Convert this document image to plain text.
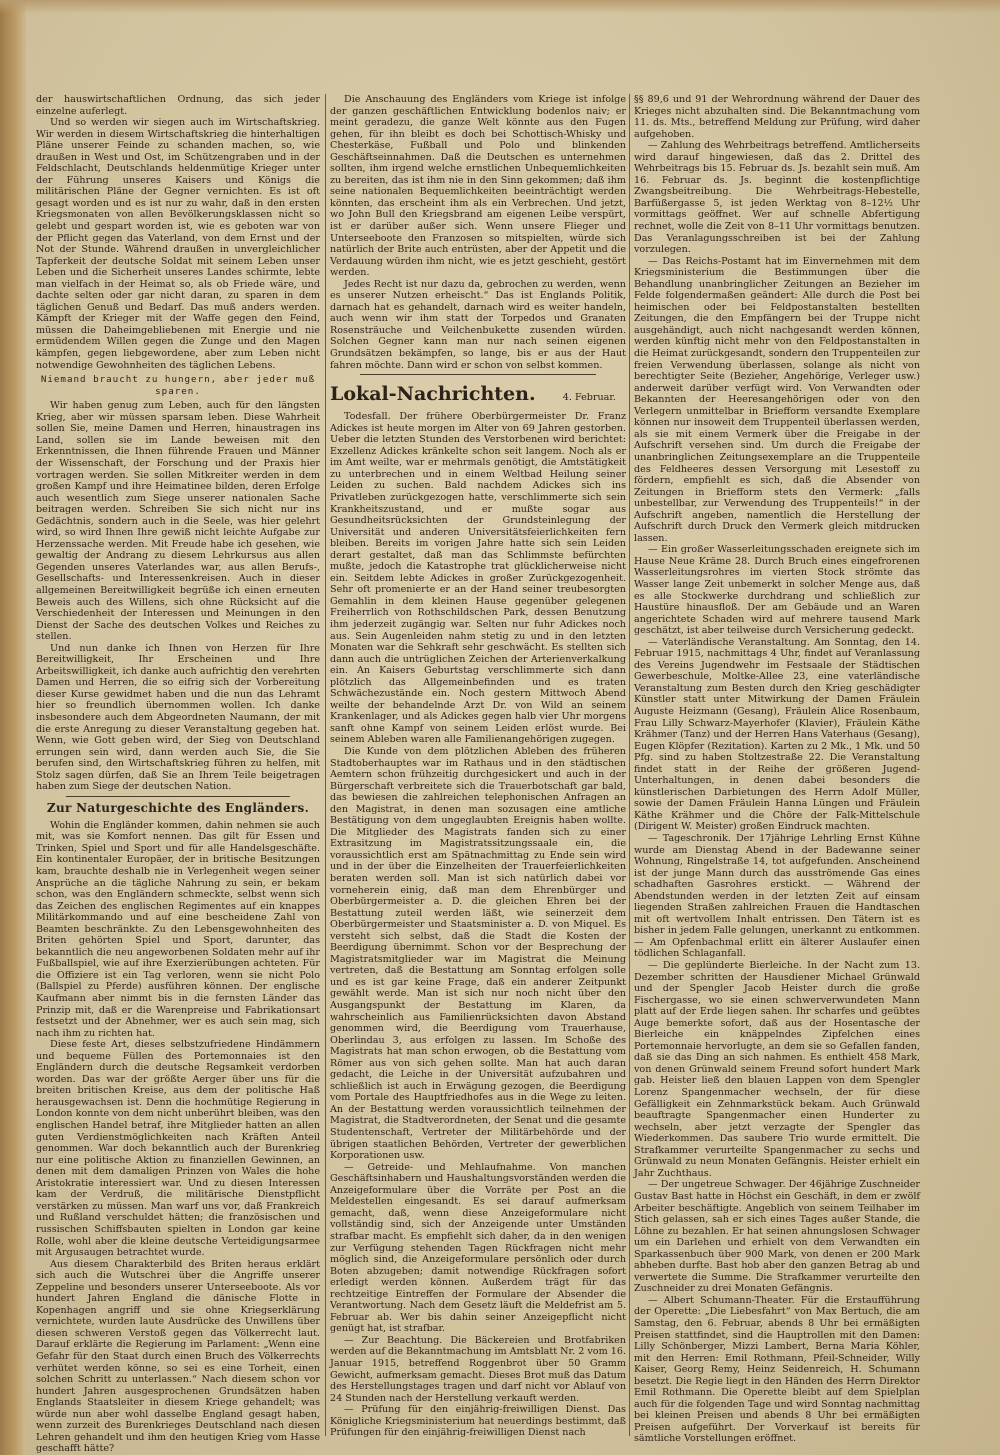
der hauswirtschaftlichen Ordnung, das sich jeder einzelne auferlegt.

Und so werden wir siegen auch im Wirtschaftskrieg. Wir werden in diesem Wirtschaftskrieg die hinterhaltigen Pläne unserer Feinde zu schanden machen, so, wie draußen in West und Ost, im Schützengraben und in der Feldschlacht, Deutschlands heldenmütige Krieger unter der Führung unseres Kaisers und Königs die militärischen Pläne der Gegner vernichten. Es ist oft gesagt worden und es ist nur zu wahr, daß in den ersten Kriegsmonaten von allen Bevölkerungsklassen nicht so gelebt und gespart worden ist, wie es geboten war von der Pflicht gegen das Vaterland, von dem Ernst und der Not der Stunde. Während draußen in unvergleichlicher Tapferkeit der deutsche Soldat mit seinem Leben unser Leben und die Sicherheit unseres Landes schirmte, lebte man vielfach in der Heimat so, als ob Friede wäre, und dachte selten oder gar nicht daran, zu sparen in dem täglichen Genuß und Bedarf. Das muß anders werden. Kämpft der Krieger mit der Waffe gegen den Feind, müssen die Daheimgebliebenen mit Energie und nie ermüdendem Willen gegen die Zunge und den Magen kämpfen, gegen liebgewordene, aber zum Leben nicht notwendige Gewohnheiten des täglichen Lebens.

Niemand braucht zu hungern, aber jeder muß sparen.

Wir haben genug zum Leben, auch für den längsten Krieg, aber wir müssen sparsam leben. Diese Wahrheit sollen Sie, meine Damen und Herren, hinaustragen ins Land, sollen sie im Lande beweisen mit den Erkenntnissen, die Ihnen führende Frauen und Männer der Wissenschaft, der Forschung und der Praxis hier vortragen werden. Sie sollen Mitkreiter werden in dem großen Kampf und ihre Heimatinee bilden, deren Erfolge auch wesentlich zum Siege unserer nationalen Sache beitragen werden. Schreiben Sie sich nicht nur ins Gedächtnis, sondern auch in die Seele, was hier gelehrt wird, so wird Ihnen Ihre gewiß nicht leichte Aufgabe zur Herzenssache werden. Mit Freude habe ich gesehen, wie gewaltig der Andrang zu diesem Lehrkursus aus allen Gegenden unseres Vaterlandes war, aus allen Berufs-, Gesellschafts- und Interessenkreisen. Auch in dieser allgemeinen Bereitwilligkeit begrüße ich einen erneuten Beweis auch des Willens, sich ohne Rücksicht auf die Verschiedenheit der Interessen und Meinungen in den Dienst der Sache des deutschen Volkes und Reiches zu stellen.

Und nun danke ich Ihnen von Herzen für Ihre Bereitwilligkeit, Ihr Erscheinen und Ihre Arbeitswilligkeit, ich danke auch aufrichtig den verehrten Damen und Herren, die so eifrig sich der Vorbereitung dieser Kurse gewidmet haben und die nun das Lehramt hier so freundlich übernommen wollen. Ich danke insbesondere auch dem Abgeordneten Naumann, der mit die erste Anregung zu dieser Veranstaltung gegeben hat. Wenn, wie Gott geben wird, der Sieg von Deutschland errungen sein wird, dann werden auch Sie, die Sie berufen sind, den Wirtschaftskrieg führen zu helfen, mit Stolz sagen dürfen, daß Sie an Ihrem Teile beigetragen haben zum Siege der deutschen Nation.

Zur Naturgeschichte des Engländers.

Wohin die Engländer kommen, dahin nehmen sie auch mit, was sie Komfort nennen. Das gilt für Essen und Trinken, Spiel und Sport und für alle Handelsgeschäfte. Ein kontinentaler Europäer, der in britische Besitzungen kam, brauchte deshalb nie in Verlegenheit wegen seiner Ansprüche an die tägliche Nahrung zu sein, er bekam schon, was den Engländern schmeckte, selbst wenn sich das Zeichen des englischen Regimentes auf ein knappes Militärkommando und auf eine bescheidene Zahl von Beamten beschränkte. Zu den Lebensgewohnheiten des Briten gehörten Spiel und Sport, darunter, das bekanntlich die neu angeworbenen Soldaten mehr auf ihr Fußballspiel, wie auf ihre Exerzierübungen achteten. Für die Offiziere ist ein Tag verloren, wenn sie nicht Polo (Ballspiel zu Pferde) ausführen können. Der englische Kaufmann aber nimmt bis in die fernsten Länder das Prinzip mit, daß er die Warenpreise und Fabrikationsart festsetzt und der Abnehmer, wer es auch sein mag, sich nach ihm zu richten hat.

Diese feste Art, dieses selbstzufriedene Hindämmern und bequeme Füllen des Portemonnaies ist den Engländern durch die deutsche Regsamkeit verdorben worden. Das war der größte Aerger über uns für die breiten britischen Kreise, aus dem der politische Haß herausgewachsen ist. Denn die hochmütige Regierung in London konnte von dem nicht unberührt bleiben, was den englischen Handel betraf, ihre Mitglieder hatten an allen guten Verdienstmöglichkeiten nach Kräften Anteil genommen. War doch bekanntlich auch der Burenkrieg nur eine politische Aktion zu finanziellen Gewinnen, an denen mit dem damaligen Prinzen von Wales die hohe Aristokratie interessiert war. Und zu diesen Interessen kam der Verdruß, die militärische Dienstpflicht verstärken zu müssen. Man warf uns vor, daß Frankreich und Rußland verschuldet hätten; die französischen und russischen Schiffsbauten spielten in London gar keine Rolle, wohl aber die kleine deutsche Verteidigungsarmee mit Argusaugen betrachtet wurde.

Aus diesem Charakterbild des Briten heraus erklärt sich auch die Wutschrei über die Angriffe unserer Zeppeline und besonders unserer Unterseeboote. Als vor hundert Jahren England die dänische Flotte in Kopenhagen angriff und sie ohne Kriegserklärung vernichtete, wurden laute Ausdrücke des Unwillens über diesen schweren Verstoß gegen das Völkerrecht laut. Darauf erklärte die Regierung im Parlament: „Wenn eine Gefahr für den Staat durch einen Bruch des Völkerrechts verhütet werden könne, so sei es eine Torheit, einen solchen Schritt zu unterlassen.“ Nach diesem schon vor hundert Jahren ausgesprochenen Grundsätzen haben Englands Staatsleiter in diesem Kriege gehandelt; was würde nun aber wohl dasselbe England gesagt haben, wenn zurzeit des Burenkrieges Deutschland nach diesen Lehren gehandelt und ihm den heutigen Krieg vom Hasse geschafft hätte?

Die Anschauung des Engländers vom Kriege ist infolge der ganzen geschäftlichen Entwicklung bodenlos naiv; er meint geradezu, die ganze Welt könnte aus den Fugen gehen, für ihn bleibt es doch bei Schottisch-Whisky und Chesterkäse, Fußball und Polo und blinkenden Geschäftseinnahmen. Daß die Deutschen es unternehmen sollten, ihm irgend welche ernstlichen Unbequemlichkeiten zu bereiten, das ist ihm nie in den Sinn gekommen; daß ihm seine nationalen Bequemlichkeiten beeinträchtigt werden könnten, das erscheint ihm als ein Verbrechen. Und jetzt, wo John Bull den Kriegsbrand am eigenen Leibe verspürt, ist er darüber außer sich. Wenn unsere Flieger und Unterseeboote den Franzosen so mitspielten, würde sich natürlich der Brite auch entrüsten, aber der Appetit und die Verdauung würden ihm nicht, wie es jetzt geschieht, gestört werden.

Jedes Recht ist nur dazu da, gebrochen zu werden, wenn es unserer Nutzen erheischt.“ Das ist Englands Politik, darnach hat es gehandelt, darnach wird es weiter handeln, auch wenn wir ihm statt der Torpedos und Granaten Rosensträuche und Veilchenbukette zusenden würden. Solchen Gegner kann man nur nach seinen eigenen Grundsätzen bekämpfen, so lange, bis er aus der Haut fahren möchte. Dann wird er schon von selbst kommen.

Lokal-Nachrichten.	4. Februar.

Todesfall. Der frühere Oberbürgermeister Dr. Franz Adickes ist heute morgen im Alter von 69 Jahren gestorben. Ueber die letzten Stunden des Verstorbenen wird berichtet: Exzellenz Adickes kränkelte schon seit langem. Noch als er im Amt weilte, war er mehrmals genötigt, die Amtstätigkeit zu unterbrechen und in einem Weltbad Heilung seiner Leiden zu suchen. Bald nachdem Adickes sich ins Privatleben zurückgezogen hatte, verschlimmerte sich sein Krankheitszustand, und er mußte sogar aus Gesundheitsrücksichten der Grundsteinlegung der Universität und anderen Universitätsfeierlichkeiten fern bleiben. Bereits im vorigen Jahre hatte sich sein Leiden derart gestaltet, daß man das Schlimmste befürchten mußte, jedoch die Katastrophe trat glücklicherweise nicht ein. Seitdem lebte Adickes in großer Zurückgezogenheit. Sehr oft promenierte er an der Hand seiner treubesorgten Gemahlin in dem kleinen Hause gegenüber gelegenen Freiherrlich von Rothschildschen Park, dessen Benutzung ihm jederzeit zugängig war. Selten nur fuhr Adickes noch aus. Sein Augenleiden nahm stetig zu und in den letzten Monaten war die Sehkraft sehr geschwächt. Es stellten sich dann auch die untrüglichen Zeichen der Arterienverkalkung ein. An Kaisers Geburtstag verschlimmerte sich dann plötzlich das Allgemeinbefinden und es traten Schwächezustände ein. Noch gestern Mittwoch Abend weilte der behandelnde Arzt Dr. von Wild an seinem Krankenlager, und als Adickes gegen halb vier Uhr morgens sanft ohne Kampf von seinem Leiden erlöst wurde. Bei seinem Ableben waren alle Familienangehörigen zugegen.

Die Kunde von dem plötzlichen Ableben des früheren Stadtoberhauptes war im Rathaus und in den städtischen Aemtern schon frühzeitig durchgesickert und auch in der Bürgerschaft verbreitete sich die Trauerbotschaft gar bald, das bewiesen die zahlreichen telephonischen Anfragen an den Magistrat, in denen man sozusagen eine amtliche Bestätigung von dem ungeglaubten Ereignis haben wollte. Die Mitglieder des Magistrats fanden sich zu einer Extrasitzung im Magistratssitzungssaale ein, die voraussichtlich erst am Spätnachmittag zu Ende sein wird und in der über die Einzelheiten der Trauerfeierlichkeiten beraten werden soll. Man ist sich natürlich dabei vor vorneherein einig, daß man dem Ehrenbürger und Oberbürgermeister a. D. die gleichen Ehren bei der Bestattung zuteil werden läßt, wie seinerzeit dem Oberbürgermeister und Staatsminister a. D. von Miquel. Es versteht sich selbst, daß die Stadt die Kosten der Beerdigung übernimmt. Schon vor der Besprechung der Magistratsmitglieder war im Magistrat die Meinung vertreten, daß die Bestattung am Sonntag erfolgen solle und es ist gar keine Frage, daß ein anderer Zeitpunkt gewählt werde. Man ist sich nur noch nicht über den Ausgangspunkt der Bestattung im Klaren, da wahrscheinlich aus Familienrücksichten davon Abstand genommen wird, die Beerdigung vom Trauerhause, Oberlindau 3, aus erfolgen zu lassen. Im Schoße des Magistrats hat man schon erwogen, ob die Bestattung vom Römer aus von sich gehen sollte. Man hat auch daran gedacht, die Leiche in der Universität aufzubahren und schließlich ist auch in Erwägung gezogen, die Beerdigung vom Portale des Hauptfriedhofes aus in die Wege zu leiten. An der Bestattung werden voraussichtlich teilnehmen der Magistrat, die Stadtverordneten, der Senat und die gesamte Studentenschaft, Vertreter der Militärbehörde und der übrigen staatlichen Behörden, Vertreter der gewerblichen Korporationen usw.

— Getreide- und Mehlaufnahme. Von manchen Geschäftsinhabern und Haushaltungsvorständen werden die Anzeigeformulare über die Vorräte per Post an die Meldestellen eingesandt. Es sei darauf aufmerksam gemacht, daß, wenn diese Anzeigeformulare nicht vollständig sind, sich der Anzeigende unter Umständen strafbar macht. Es empfiehlt sich daher, da in den wenigen zur Verfügung stehenden Tagen Rückfragen nicht mehr möglich sind, die Anzeigeformulare persönlich oder durch Boten abzugeben; damit notwendige Rückfragen sofort erledigt werden können. Außerdem trägt für das rechtzeitige Eintreffen der Formulare der Absender die Verantwortung. Nach dem Gesetz läuft die Meldefrist am 5. Februar ab. Wer bis dahin seiner Anzeigepflicht nicht genügt hat, ist strafbar.

— Zur Beachtung. Die Bäckereien und Brotfabriken werden auf die Bekanntmachung im Amtsblatt Nr. 2 vom 16. Januar 1915, betreffend Roggenbrot über 50 Gramm Gewicht, aufmerksam gemacht. Dieses Brot muß das Datum des Herstellungstages tragen und darf nicht vor Ablauf von 24 Stunden nach der Herstellung verkauft werden.

— Prüfung für den einjährig-freiwilligen Dienst. Das Königliche Kriegsministerium hat neuerdings bestimmt, daß Prüfungen für den einjährig-freiwilligen Dienst nach

§§ 89,6 und 91 der Wehrordnung während der Dauer des Krieges nicht abzuhalten sind. Die Bekanntmachung vom 11. ds. Mts., betreffend Meldung zur Prüfung, wird daher aufgehoben.

— Zahlung des Wehrbeitrags betreffend. Amtlicherseits wird darauf hingewiesen, daß das 2. Drittel des Wehrbeitrags bis 15. Februar ds. Js. bezahlt sein muß. Am 16. Februar ds. Js. beginnt die kostenpflichtige Zwangsbeitreibung. Die Wehrbeitrags-Hebestelle, Barfüßergasse 5, ist jeden Werktag von 8–12½ Uhr vormittags geöffnet. Wer auf schnelle Abfertigung rechnet, wolle die Zeit von 8–11 Uhr vormittags benutzen. Das Veranlagungsschreiben ist bei der Zahlung vorzulegen.

— Das Reichs-Postamt hat im Einvernehmen mit dem Kriegsministerium die Bestimmungen über die Behandlung unanbringlicher Zeitungen an Bezieher im Felde folgendermaßen geändert: Alle durch die Post bei heimischen oder bei Feldpostanstalten bestellten Zeitungen, die den Empfängern bei der Truppe nicht ausgehändigt, auch nicht nachgesandt werden können, werden künftig nicht mehr von den Feldpostanstalten in die Heimat zurückgesandt, sondern den Truppenteilen zur freien Verwendung überlassen, solange als nicht von berechtigter Seite (Bezieher, Angehörige, Verleger usw.) anderweit darüber verfügt wird. Von Verwandten oder Bekannten der Heeresangehörigen oder von den Verlegern unmittelbar in Briefform versandte Exemplare können nur insoweit dem Truppenteil überlassen werden, als sie mit einem Vermerk über die Freigabe in der Aufschrift versehen sind. Um durch die Freigabe der unanbringlichen Zeitungsexemplare an die Truppenteile des Feldheeres dessen Versorgung mit Lesestoff zu fördern, empfiehlt es sich, daß die Absender von Zeitungen in Briefform stets den Vermerk: „falls unbestellbar, zur Verwendung des Truppenteils!“ in der Aufschrift angeben, namentlich die Herstellung der Aufschrift durch Druck den Vermerk gleich mitdrucken lassen.

— Ein großer Wasserleitungsschaden ereignete sich im Hause Neue Kräme 28. Durch Bruch eines eingefrorenen Wasserleitungsrohres im vierten Stock strömte das Wasser lange Zeit unbemerkt in solcher Menge aus, daß es alle Stockwerke durchdrang und schließlich zur Haustüre hinausfloß. Der am Gebäude und an Waren angerichtete Schaden wird auf mehrere tausend Mark geschätzt, ist aber teilweise durch Versicherung gedeckt.

— Vaterländische Veranstaltung. Am Sonntag, den 14. Februar 1915, nachmittags 4 Uhr, findet auf Veranlassung des Vereins Jugendwehr im Festsaale der Städtischen Gewerbeschule, Moltke-Allee 23, eine vaterländische Veranstaltung zum Besten durch den Krieg geschädigter Künstler statt unter Mitwirkung der Damen Fräulein Auguste Heizmann (Gesang), Fräulein Alice Rosenbaum, Frau Lilly Schwarz-Mayerhofer (Klavier), Fräulein Käthe Krähmer (Tanz) und der Herren Hans Vaterhaus (Gesang), Eugen Klöpfer (Rezitation). Karten zu 2 Mk., 1 Mk. und 50 Pfg. sind zu haben Stoltzestraße 22. Die Veranstaltung findet statt in der Reihe der größeren Jugend-Unterhaltungen, in denen dabei besonders die künstlerischen Darbietungen des Herrn Adolf Müller, sowie der Damen Fräulein Hanna Lüngen und Fräulein Käthe Krähmer und die Chöre der Falk-Mittelschule (Dirigent W. Meister) großen Eindruck machten.

— Tageschronik. Der 17jährige Lehrling Ernst Kühne wurde am Dienstag Abend in der Badewanne seiner Wohnung, Ringelstraße 14, tot aufgefunden. Anscheinend ist der junge Mann durch das ausströmende Gas eines schadhaften Gasrohres erstickt. — Während der Abendstunden werden in der letzten Zeit auf einsam liegenden Straßen zahlreichen Frauen die Handtaschen mit oft wertvollem Inhalt entrissen. Den Tätern ist es bisher in jedem Falle gelungen, unerkannt zu entkommen. — Am Opfenbachmal erlitt ein älterer Auslaufer einen tödlichen Schlaganfall.

— Die geplünderte Bierleiche. In der Nacht zum 13. Dezember schritten der Hausdiener Michael Grünwald und der Spengler Jacob Heister durch die große Fischergasse, wo sie einen schwerverwundeten Mann platt auf der Erde liegen sahen. Ihr scharfes und geübtes Auge bemerkte sofort, daß aus der Hosentasche der Bierleiche ein knäppelndes Zipfelchen eines Portemonnaie hervorlugte, an dem sie so Gefallen fanden, daß sie das Ding an sich nahmen. Es enthielt 458 Mark, von denen Grünwald seinem Freund sofort hundert Mark gab. Heister ließ den blauen Lappen von dem Spengler Lorenz Spangenmacher wechseln, der für diese Gefälligkeit ein Zehnmarkstück bekam. Auch Grünwald beauftragte Spangenmacher einen Hunderter zu wechseln, aber jetzt verzagte der Spengler das Wiederkommen. Das saubere Trio wurde ermittelt. Die Strafkammer verurteilte Spangenmacher zu sechs und Grünwald zu neun Monaten Gefängnis. Heister erhielt ein Jahr Zuchthaus.

— Der ungetreue Schwager. Der 46jährige Zuschneider Gustav Bast hatte in Höchst ein Geschäft, in dem er zwölf Arbeiter beschäftigte. Angeblich von seinem Teilhaber im Stich gelassen, sah er sich eines Tages außer Stande, die Löhne zu bezahlen. Er hat seinen ahnungslosen Schwager um ein Darlehen und erhielt von dem Verwandten ein Sparkassenbuch über 900 Mark, von denen er 200 Mark abheben durfte. Bast hob aber den ganzen Betrag ab und verwertete die Summe. Die Strafkammer verurteilte den Zuschneider zu drei Monaten Gefängnis.

— Albert Schumann-Theater. Für die Erstaufführung der Operette: „Die Liebesfahrt“ von Max Bertuch, die am Samstag, den 6. Februar, abends 8 Uhr bei ermäßigten Preisen stattfindet, sind die Hauptrollen mit den Damen: Lilly Schönberger, Mizzi Lambert, Berna Maria Köhler, mit den Herren: Emil Rothmann, Pfeil-Schneider, Willy Kaiser, Georg Remy, Heinz Seidenreich, H. Schumann besetzt. Die Regie liegt in den Händen des Herrn Direktor Emil Rothmann. Die Operette bleibt auf dem Spielplan auch für die folgenden Tage und wird Sonntag nachmittag bei kleinen Preisen und abends 8 Uhr bei ermäßigten Preisen aufgeführt. Der Vorverkauf ist bereits für sämtliche Vorstellungen eröffnet.
